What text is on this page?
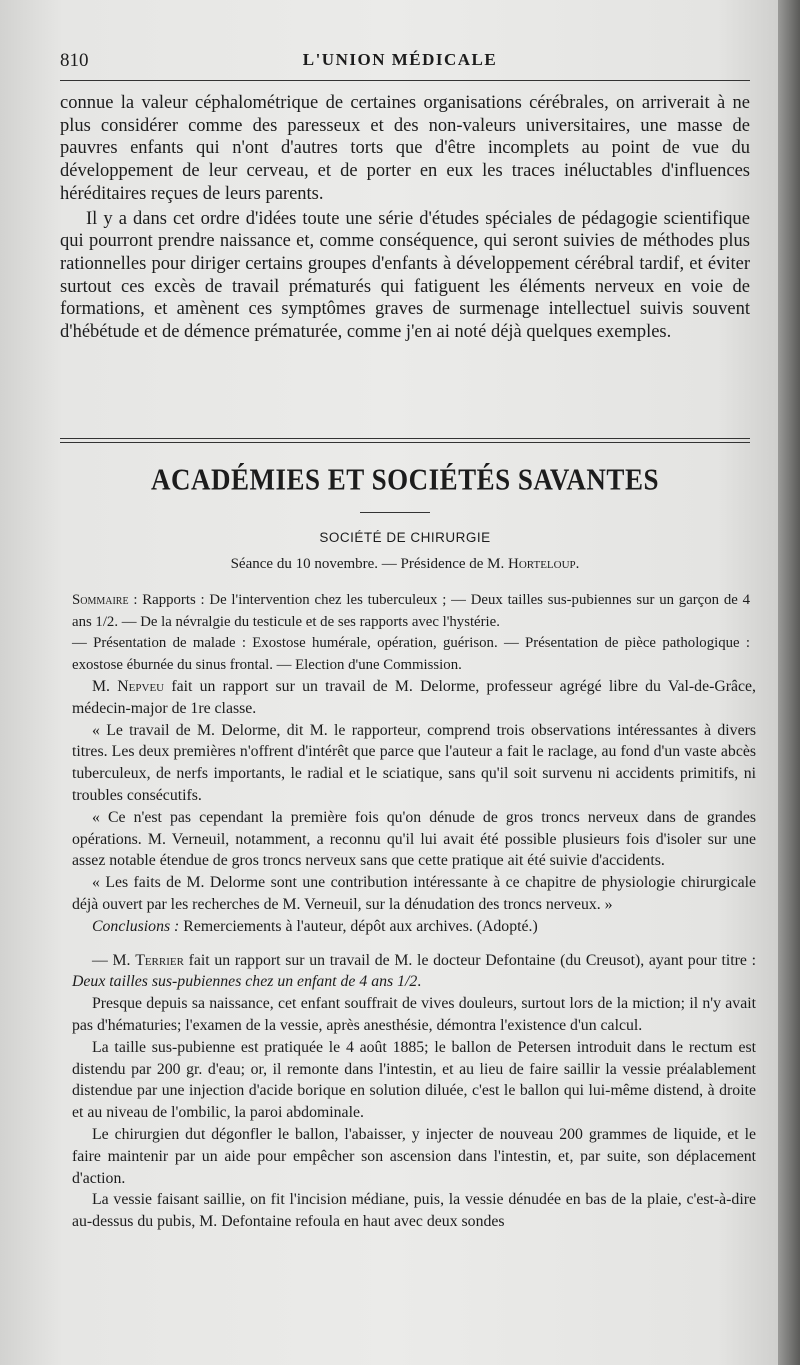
810	L'UNION MÉDICALE

connue la valeur céphalométrique de certaines organisations cérébrales, on arriverait à ne plus considérer comme des paresseux et des non-valeurs universitaires, une masse de pauvres enfants qui n'ont d'autres torts que d'être incomplets au point de vue du développement de leur cerveau, et de porter en eux les traces inéluctables d'influences héréditaires reçues de leurs parents.

Il y a dans cet ordre d'idées toute une série d'études spéciales de pédagogie scientifique qui pourront prendre naissance et, comme conséquence, qui seront suivies de méthodes plus rationnelles pour diriger certains groupes d'enfants à développement cérébral tardif, et éviter surtout ces excès de travail prématurés qui fatiguent les éléments nerveux en voie de formations, et amènent ces symptômes graves de surmenage intellectuel suivis souvent d'hébétude et de démence prématurée, comme j'en ai noté déjà quelques exemples.

ACADÉMIES ET SOCIÉTÉS SAVANTES
SOCIÉTÉ DE CHIRURGIE
Séance du 10 novembre. — Présidence de M. Horteloup.

Sommaire : Rapports : De l'intervention chez les tuberculeux ; — Deux tailles sus-pubiennes sur un garçon de 4 ans 1/2. — De la névralgie du testicule et de ses rapports avec l'hystérie.

— Présentation de malade : Exostose humérale, opération, guérison. — Présentation de pièce pathologique : exostose éburnée du sinus frontal. — Election d'une Commission.

M. Nepveu fait un rapport sur un travail de M. Delorme, professeur agrégé libre du Val-de-Grâce, médecin-major de 1re classe.

« Le travail de M. Delorme, dit M. le rapporteur, comprend trois observations intéressantes à divers titres. Les deux premières n'offrent d'intérêt que parce que l'auteur a fait le raclage, au fond d'un vaste abcès tuberculeux, de nerfs importants, le radial et le sciatique, sans qu'il soit survenu ni accidents primitifs, ni troubles consécutifs.

« Ce n'est pas cependant la première fois qu'on dénude de gros troncs nerveux dans de grandes opérations. M. Verneuil, notamment, a reconnu qu'il lui avait été possible plusieurs fois d'isoler sur une assez notable étendue de gros troncs nerveux sans que cette pratique ait été suivie d'accidents.

« Les faits de M. Delorme sont une contribution intéressante à ce chapitre de physiologie chirurgicale déjà ouvert par les recherches de M. Verneuil, sur la dénudation des troncs nerveux. »

Conclusions : Remerciements à l'auteur, dépôt aux archives. (Adopté.)

— M. Terrier fait un rapport sur un travail de M. le docteur Defontaine (du Creusot), ayant pour titre : Deux tailles sus-pubiennes chez un enfant de 4 ans 1/2.

Presque depuis sa naissance, cet enfant souffrait de vives douleurs, surtout lors de la miction; il n'y avait pas d'hématuries; l'examen de la vessie, après anesthésie, démontra l'existence d'un calcul.

La taille sus-pubienne est pratiquée le 4 août 1885; le ballon de Petersen introduit dans le rectum est distendu par 200 gr. d'eau; or, il remonte dans l'intestin, et au lieu de faire saillir la vessie préalablement distendue par une injection d'acide borique en solution diluée, c'est le ballon qui lui-même distend, à droite et au niveau de l'ombilic, la paroi abdominale.

Le chirurgien dut dégonfler le ballon, l'abaisser, y injecter de nouveau 200 grammes de liquide, et le faire maintenir par un aide pour empêcher son ascension dans l'intestin, et, par suite, son déplacement d'action.

La vessie faisant saillie, on fit l'incision médiane, puis, la vessie dénudée en bas de la plaie, c'est-à-dire au-dessus du pubis, M. Defontaine refoula en haut avec deux sondes
